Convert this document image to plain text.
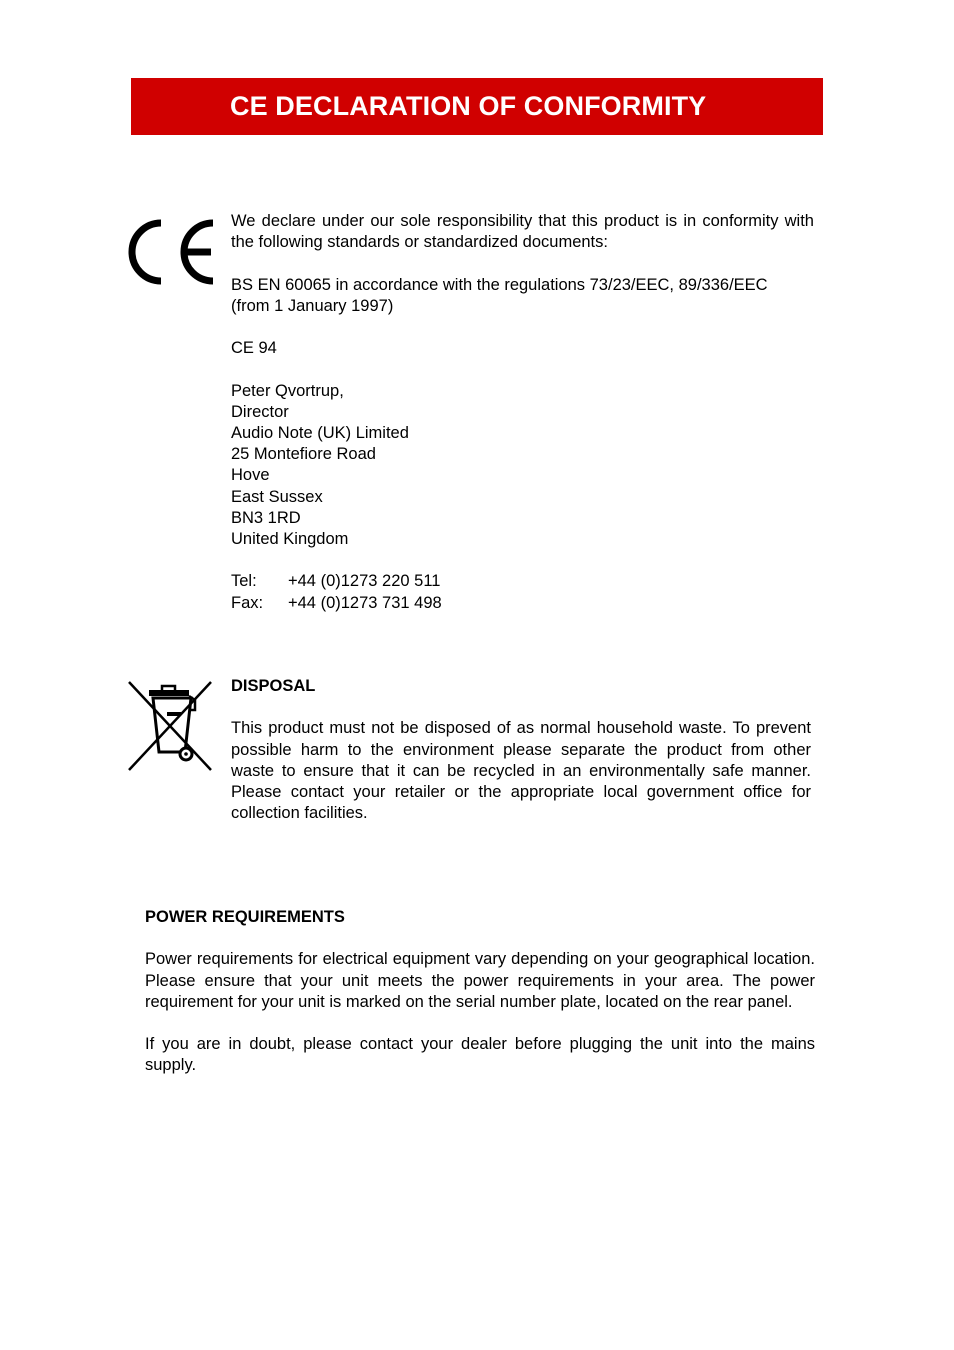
CE DECLARATION OF CONFORMITY

We declare under our sole responsibility that this product is in conformity with the following standards or standardized documents:

BS EN 60065 in accordance with the regulations 73/23/EEC, 89/336/EEC

(from 1 January 1997)

CE 94

Peter Qvortrup,

Director

Audio Note (UK) Limited

25 Montefiore Road

Hove

East Sussex

BN3 1RD

United Kingdom

Tel:	+44 (0)1273 220 511
Fax:	+44 (0)1273 731 498

DISPOSAL

This product must not be disposed of as normal household waste. To prevent possible harm to the environment please separate the product from other waste to ensure that it can be recycled in an environmentally safe manner. Please contact your retailer or the appropriate local government office for collection facilities.

POWER REQUIREMENTS

Power requirements for electrical equipment vary depending on your geographical location. Please ensure that your unit meets the power requirements in your area. The power requirement for your unit is marked on the serial number plate, located on the rear panel.

If you are in doubt, please contact your dealer before plugging the unit into the mains supply.
